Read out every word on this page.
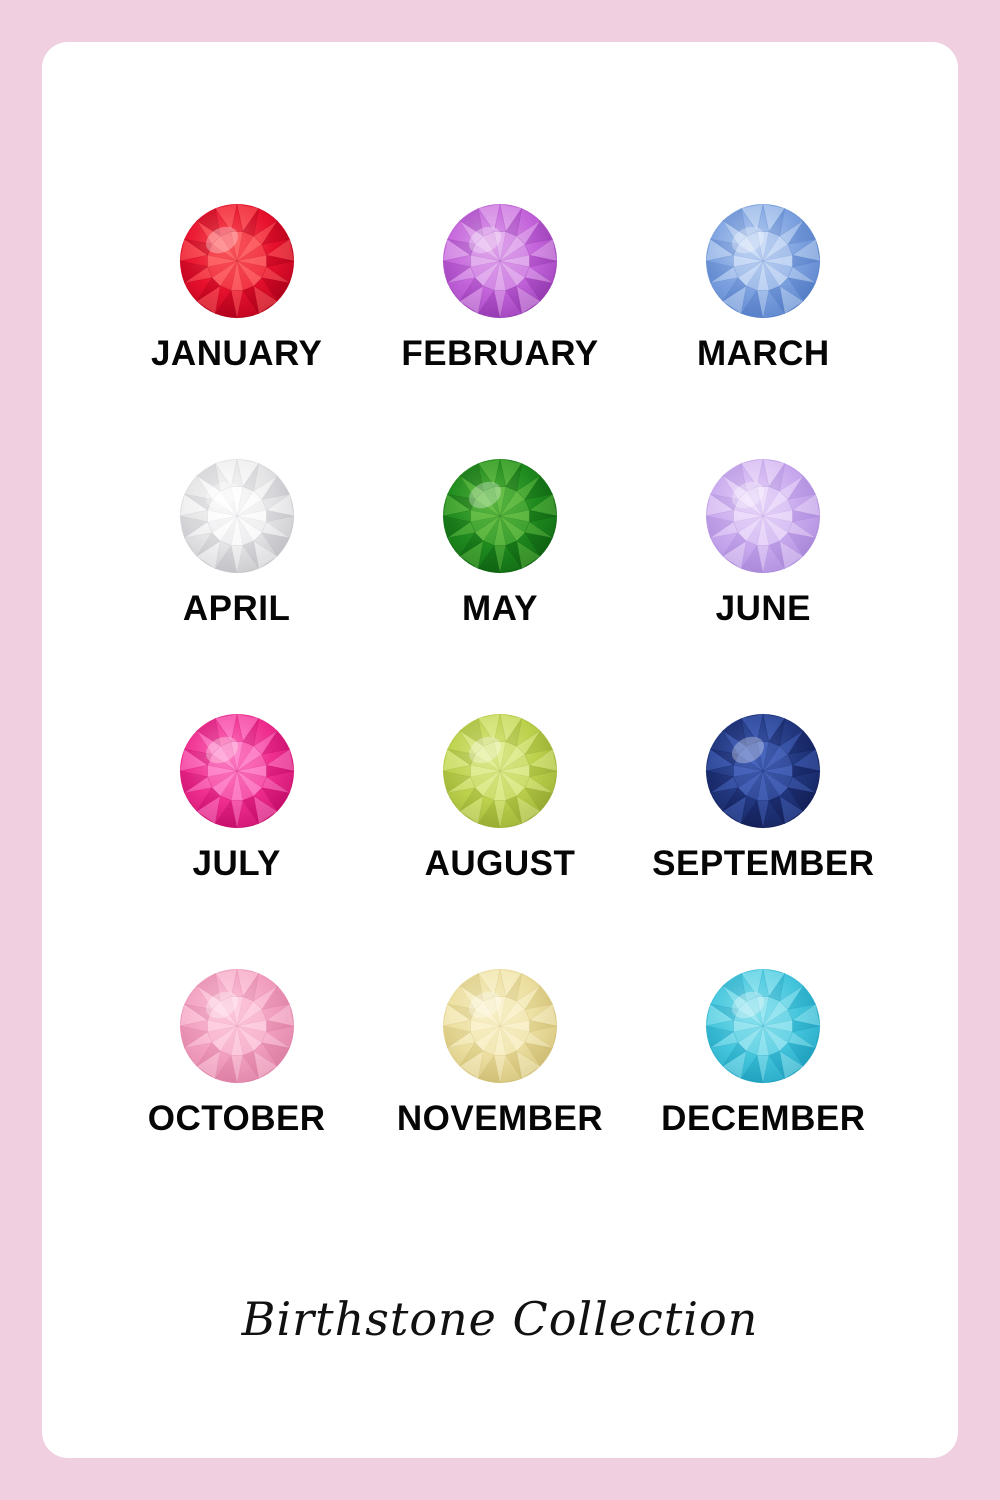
JANUARY FEBRUARY	MARCH
APRIL	MAY	JUNE
JULY	AUGUST SEPTEMBER
OCTOBER NOVEMBER DECEMBER
Birthstone Collection
